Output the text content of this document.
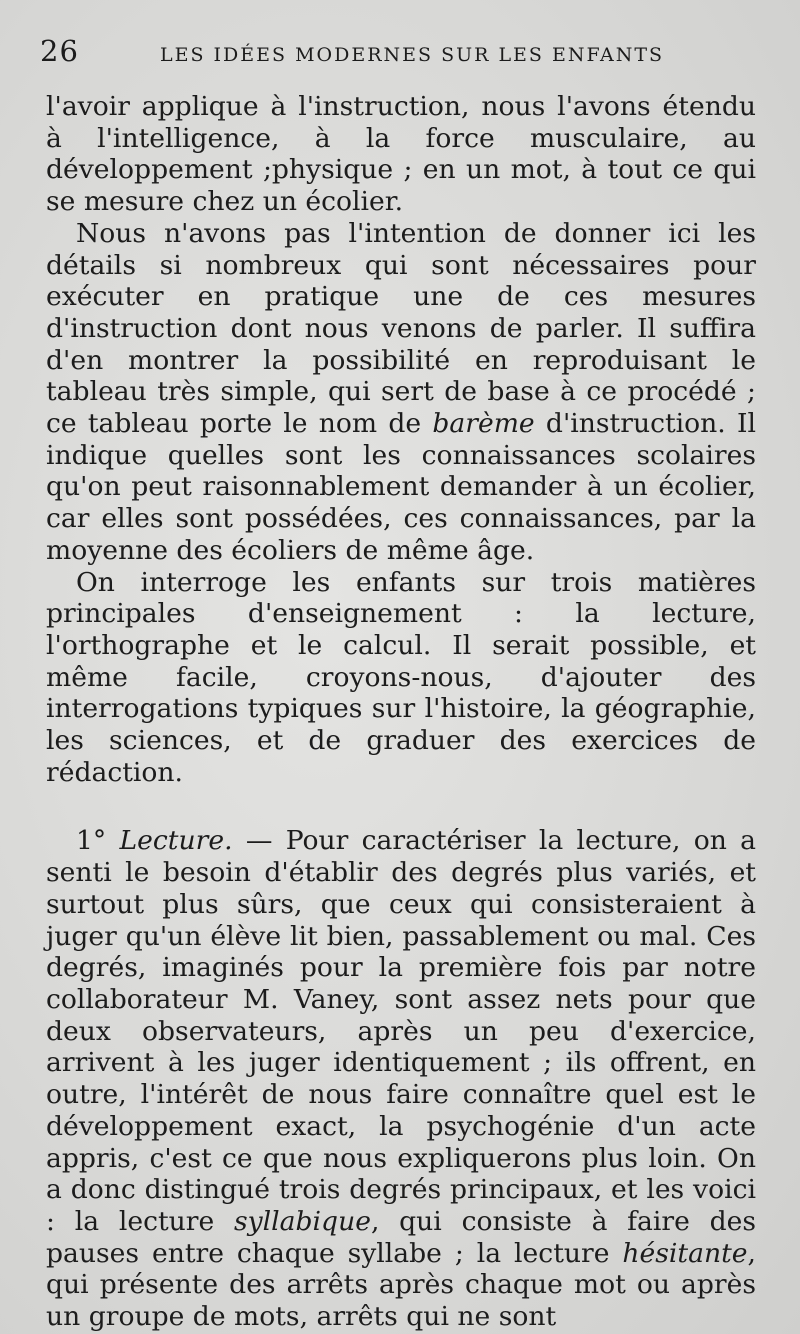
26	LES IDÉES MODERNES SUR LES ENFANTS

l'avoir applique à l'instruction, nous l'avons étendu à l'intelligence, à la force musculaire, au développement ;physique ; en un mot, à tout ce qui se mesure chez un écolier.

Nous n'avons pas l'intention de donner ici les détails si nombreux qui sont nécessaires pour exécuter en pratique une de ces mesures d'instruction dont nous venons de parler. Il suffira d'en montrer la possibilité en reproduisant le tableau très simple, qui sert de base à ce procédé ; ce tableau porte le nom de barème d'instruction. Il indique quelles sont les connaissances scolaires qu'on peut raisonnablement demander à un écolier, car elles sont possédées, ces connaissances, par la moyenne des écoliers de même âge.

On interroge les enfants sur trois matières principales d'enseignement : la lecture, l'orthographe et le calcul. Il serait possible, et même facile, croyons-nous, d'ajouter des interrogations typiques sur l'histoire, la géographie, les sciences, et de graduer des exercices de rédaction.

1° Lecture. — Pour caractériser la lecture, on a senti le besoin d'établir des degrés plus variés, et surtout plus sûrs, que ceux qui consisteraient à juger qu'un élève lit bien, passablement ou mal. Ces degrés, imaginés pour la première fois par notre collaborateur M. Vaney, sont assez nets pour que deux observateurs, après un peu d'exercice, arrivent à les juger identiquement ; ils offrent, en outre, l'intérêt de nous faire connaître quel est le développement exact, la psychogénie d'un acte appris, c'est ce que nous expliquerons plus loin. On a donc distingué trois degrés principaux, et les voici : la lecture syllabique, qui consiste à faire des pauses entre chaque syllabe ; la lecture hésitante, qui présente des arrêts après chaque mot ou après un groupe de mots, arrêts qui ne sont
